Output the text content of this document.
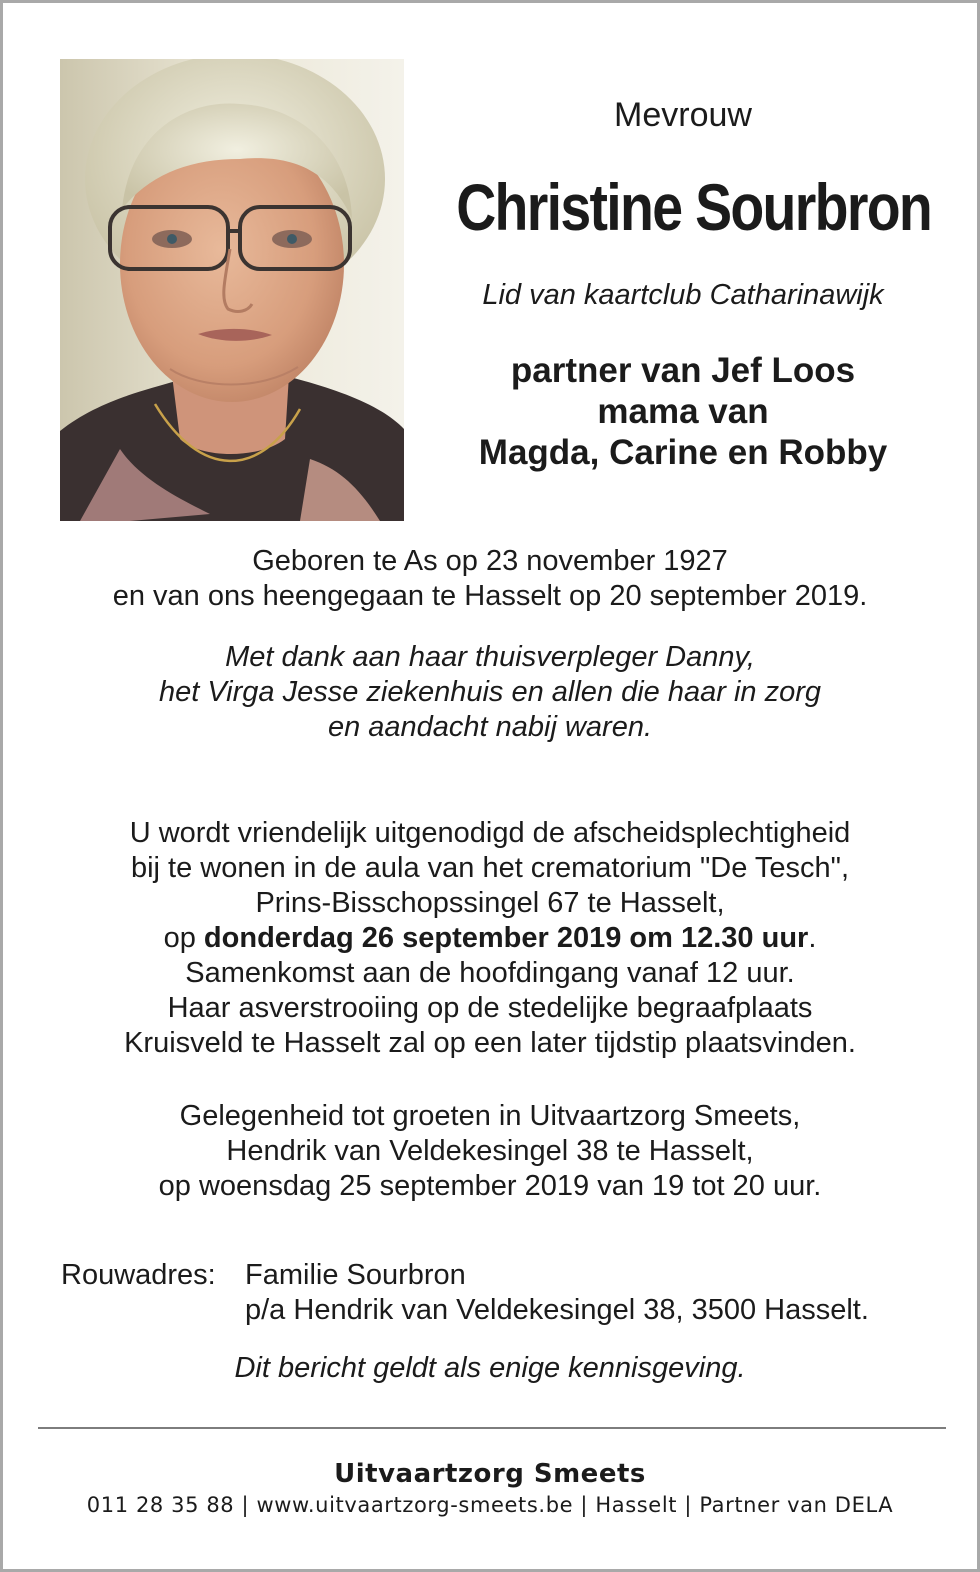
Mevrouw
Christine Sourbron
Lid van kaartclub Catharinawijk
partner van Jef Loos
mama van
Magda, Carine en Robby
Geboren te As op 23 november 1927
en van ons heengegaan te Hasselt op 20 september 2019.
Met dank aan haar thuisverpleger Danny,
het Virga Jesse ziekenhuis en allen die haar in zorg
en aandacht nabij waren.
U wordt vriendelijk uitgenodigd de afscheidsplechtigheid
bij te wonen in de aula van het crematorium "De Tesch",
Prins-Bisschopssingel 67 te Hasselt,
op donderdag 26 september 2019 om 12.30 uur.
Samenkomst aan de hoofdingang vanaf 12 uur.
Haar asverstrooiing op de stedelijke begraafplaats
Kruisveld te Hasselt zal op een later tijdstip plaatsvinden.
Gelegenheid tot groeten in Uitvaartzorg Smeets,
Hendrik van Veldekesingel 38 te Hasselt,
op woensdag 25 september 2019 van 19 tot 20 uur.
Rouwadres:	Familie Sourbron
p/a Hendrik van Veldekesingel 38, 3500 Hasselt.
Dit bericht geldt als enige kennisgeving.
Uitvaartzorg Smeets
011 28 35 88 | www.uitvaartzorg-smeets.be | Hasselt | Partner van DELA
